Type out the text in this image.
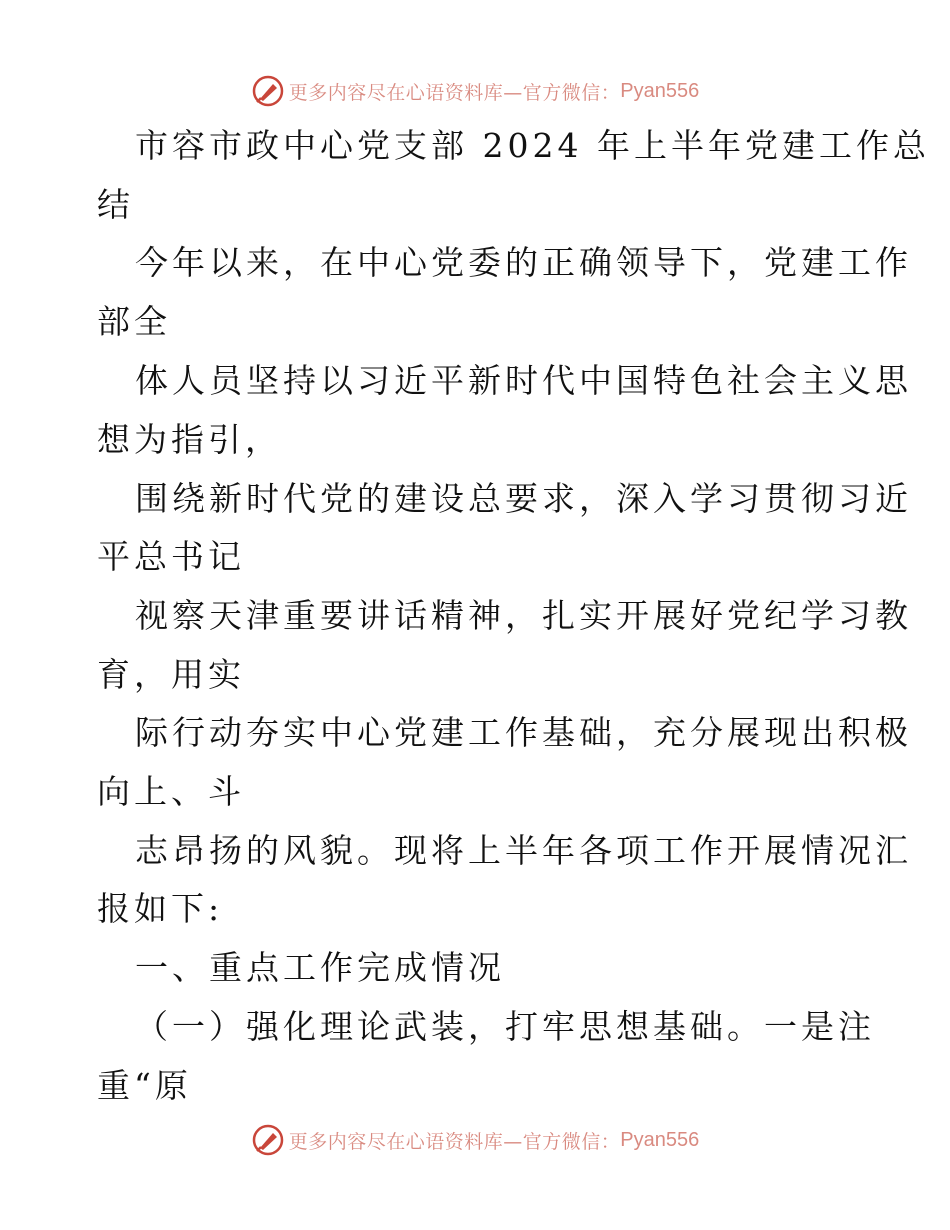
更多内容尽在心语资料库—官方微信： Pyan556
市容市政中心党支部 2024 年上半年党建工作总
结
今年以来，在中心党委的正确领导下，党建工作
部全
体人员坚持以习近平新时代中国特色社会主义思
想为指引，
围绕新时代党的建设总要求，深入学习贯彻习近
平总书记
视察天津重要讲话精神，扎实开展好党纪学习教
育，用实
际行动夯实中心党建工作基础，充分展现出积极
向上、斗
志昂扬的风貌。现将上半年各项工作开展情况汇
报如下:
一、重点工作完成情况
（一）强化理论武装，打牢思想基础。一是注
重“原
更多内容尽在心语资料库—官方微信： Pyan556
